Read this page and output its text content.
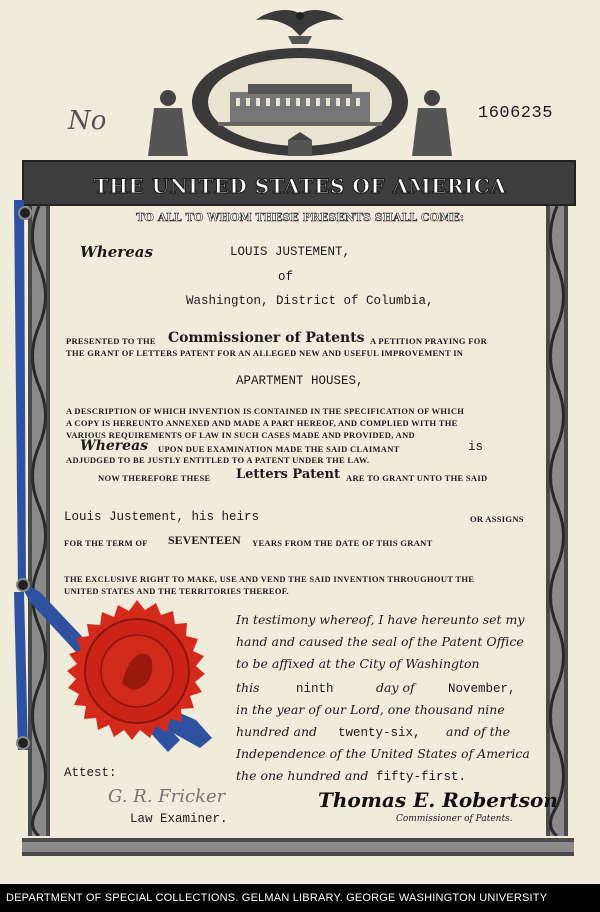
No	1606235
THE UNITED STATES OF AMERICA
TO ALL TO WHOM THESE PRESENTS SHALL COME:
Whereas	LOUIS JUSTEMENT,
of
Washington, District of Columbia,
PRESENTED TO THE Commissioner of Patents A PETITION PRAYING FOR
THE GRANT OF LETTERS PATENT FOR AN ALLEGED NEW AND USEFUL IMPROVEMENT IN
APARTMENT HOUSES,
A DESCRIPTION OF WHICH INVENTION IS CONTAINED IN THE SPECIFICATION OF WHICH
A COPY IS HEREUNTO ANNEXED AND MADE A PART HEREOF, AND COMPLIED WITH THE
VARIOUS REQUIREMENTS OF LAW IN SUCH CASES MADE AND PROVIDED, AND
Whereas UPON DUE EXAMINATION MADE THE SAID CLAIMANT	is
ADJUDGED TO BE JUSTLY ENTITLED TO A PATENT UNDER THE LAW.
NOW THEREFORE THESE Letters Patent ARE TO GRANT UNTO THE SAID
Louis Justement, his heirs	OR ASSIGNS
FOR THE TERM OF SEVENTEEN YEARS FROM THE DATE OF THIS GRANT
THE EXCLUSIVE RIGHT TO MAKE, USE AND VEND THE SAID INVENTION THROUGHOUT THE
UNITED STATES AND THE TERRITORIES THEREOF.
In testimony whereof, I have hereunto set my
hand and caused the seal of the Patent Office
to be affixed at the City of Washington
this	ninth	day of	November,
in the year of our Lord, one thousand nine
hundred and twenty-six, and of the
Independence of the United States of America
the one hundred and fifty-first.
Attest:
G. R. Fricker
Law Examiner.
Thomas E. Robertson
Commissioner of Patents.
DEPARTMENT OF SPECIAL COLLECTIONS. GELMAN LIBRARY. GEORGE WASHINGTON UNIVERSITY
